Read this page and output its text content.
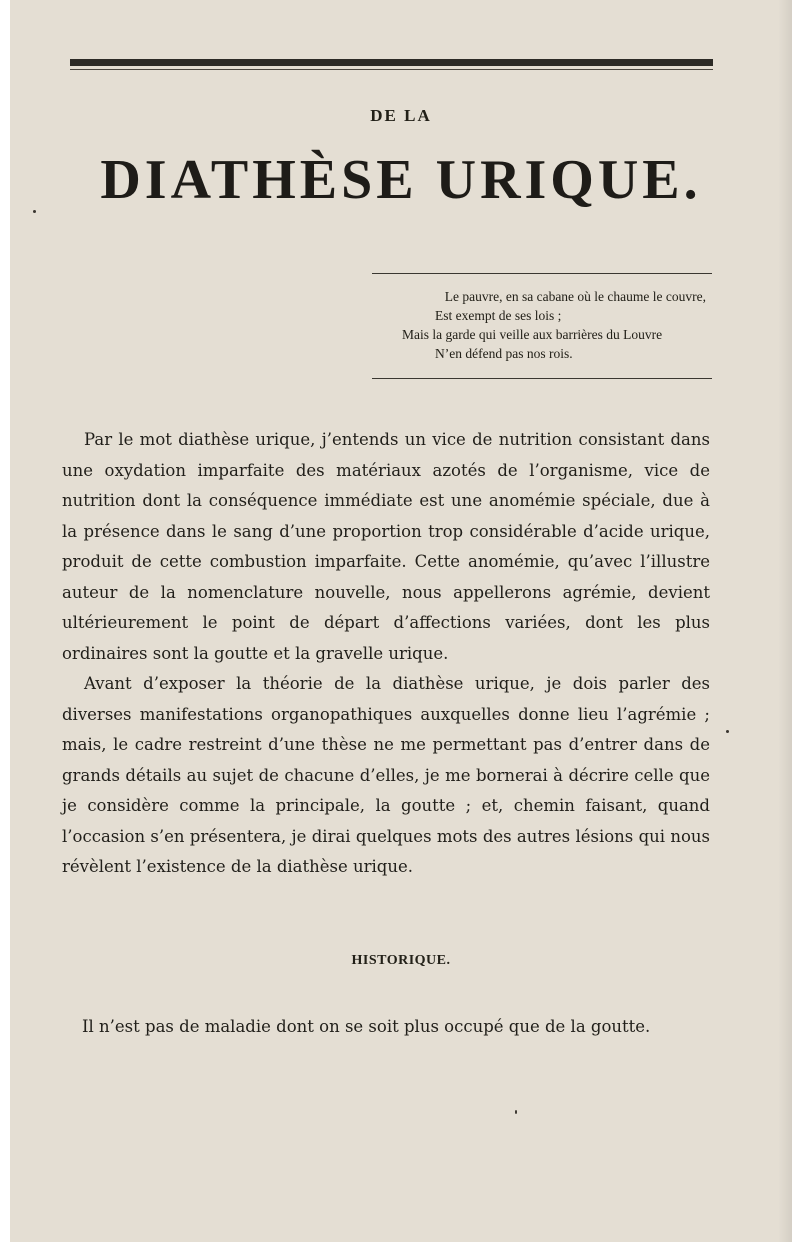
DE LA
DIATHÈSE URIQUE.
Le pauvre, en sa cabane où le chaume le couvre,
Est exempt de ses lois ;
Mais la garde qui veille aux barrières du Louvre
N’en défend pas nos rois.

Par le mot diathèse urique, j’entends un vice de nutrition consistant dans une oxydation imparfaite des matériaux azotés de l’organisme, vice de nutrition dont la conséquence immédiate est une anomémie spéciale, due à la présence dans le sang d’une proportion trop considérable d’acide urique, produit de cette combustion imparfaite. Cette anomémie, qu’avec l’illustre auteur de la nomenclature nouvelle, nous appellerons agrémie, devient ultérieurement le point de départ d’affections variées, dont les plus ordinaires sont la goutte et la gravelle urique.

Avant d’exposer la théorie de la diathèse urique, je dois parler des diverses manifestations organopathiques auxquelles donne lieu l’agrémie ; mais, le cadre restreint d’une thèse ne me permettant pas d’entrer dans de grands détails au sujet de chacune d’elles, je me bornerai à décrire celle que je considère comme la principale, la goutte ; et, chemin faisant, quand l’occasion s’en présentera, je dirai quelques mots des autres lésions qui nous révèlent l’existence de la diathèse urique.

HISTORIQUE.
Il n’est pas de maladie dont on se soit plus occupé que de la goutte.
